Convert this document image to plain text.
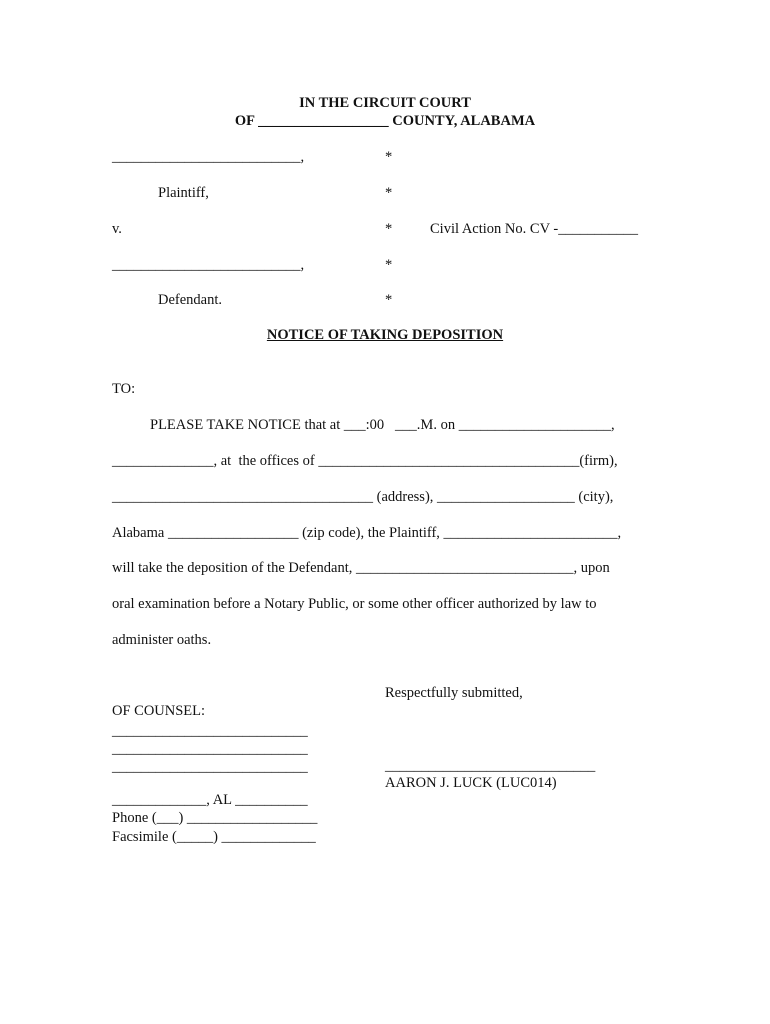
IN THE CIRCUIT COURT
OF __________________ COUNTY, ALABAMA
__________________________,
Plaintiff,
v.	Civil Action No. CV -___________
__________________________,
Defendant.
*
*
*
*
*
NOTICE OF TAKING DEPOSITION
TO:
PLEASE TAKE NOTICE that at ___:00   ___.M. on _____________________,
______________, at  the offices of ____________________________________(firm),
____________________________________ (address), ___________________ (city),
Alabama __________________ (zip code), the Plaintiff, ________________________,
will take the deposition of the Defendant, ______________________________, upon
oral examination before a Notary Public, or some other officer authorized by law to
administer oaths.
Respectfully submitted,
_____________________________
AARON J. LUCK (LUC014)
OF COUNSEL:
___________________________
___________________________
___________________________
_____________, AL __________
Phone (___) __________________
Facsimile (_____) _____________
